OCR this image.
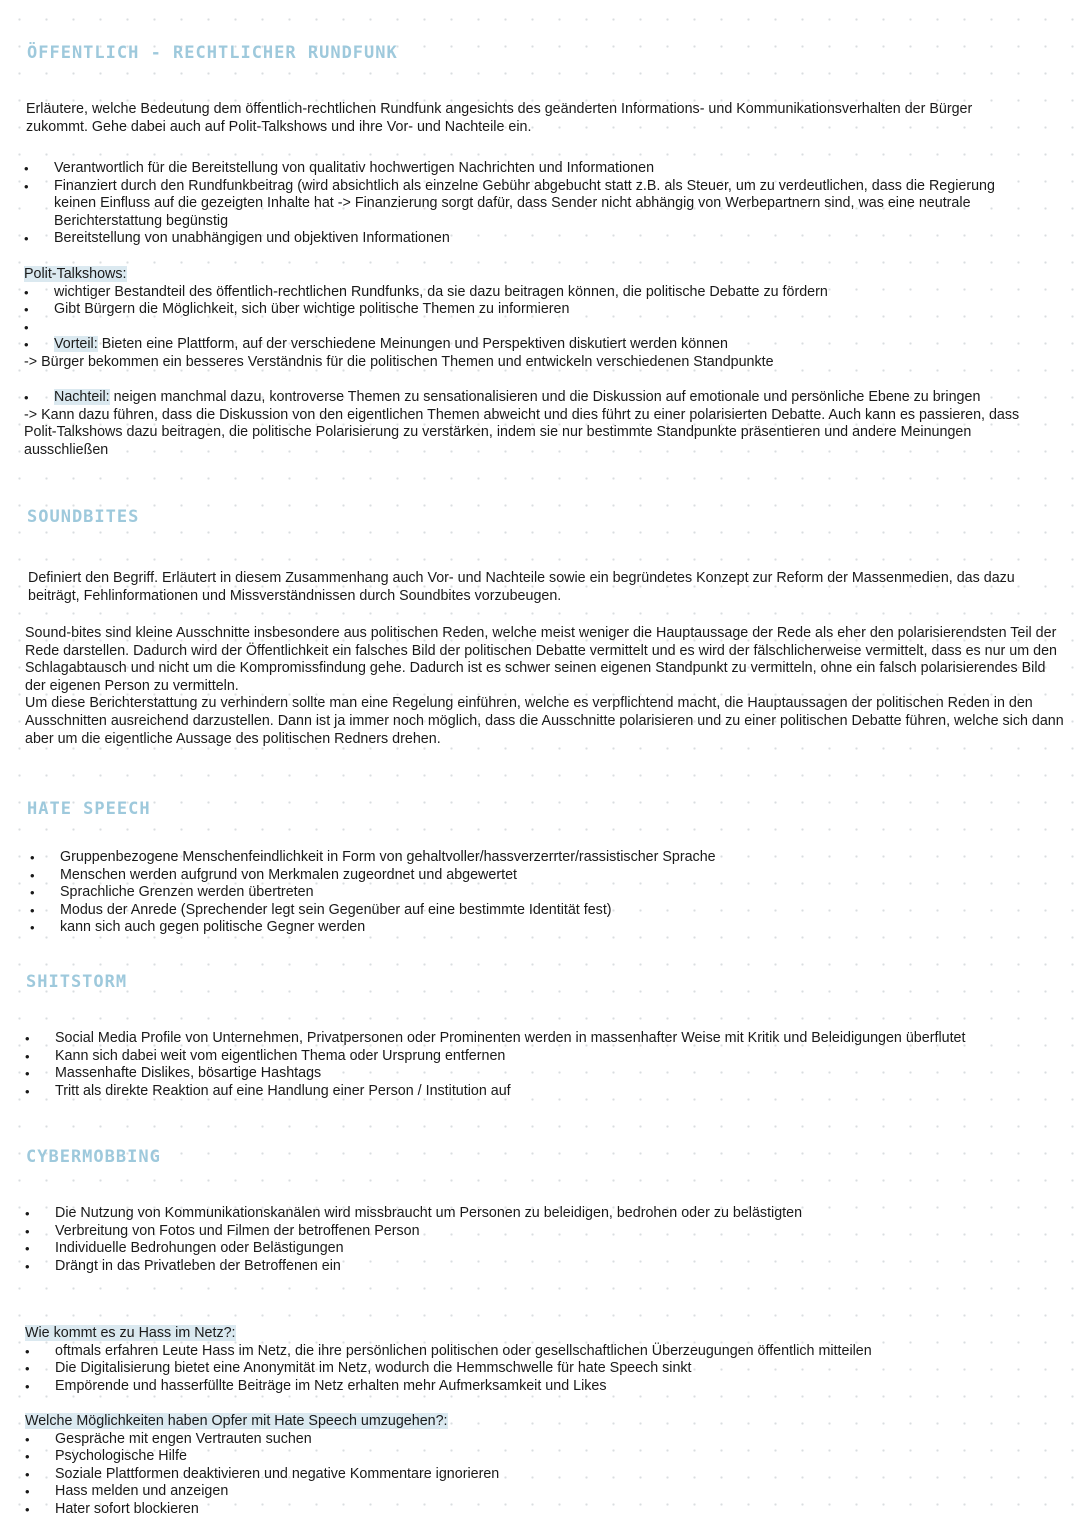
ÖFFENTLICH - RECHTLICHER RUNDFUNK

Erläutere, welche Bedeutung dem öffentlich-rechtlichen Rundfunk angesichts des geänderten Informations- und Kommunikationsverhalten der Bürger zukommt. Gehe dabei auch auf Polit-Talkshows und ihre Vor- und Nachteile ein.

• Verantwortlich für die Bereitstellung von qualitativ hochwertigen Nachrichten und Informationen
• Finanziert durch den Rundfunkbeitrag (wird absichtlich als einzelne Gebühr abgebucht statt z.B. als Steuer, um zu verdeutlichen, dass die Regierung keinen Einfluss auf die gezeigten Inhalte hat -> Finanzierung sorgt dafür, dass Sender nicht abhängig von Werbepartnern sind, was eine neutrale Berichterstattung begünstig
• Bereitstellung von unabhängigen und objektiven Informationen

Polit-Talkshows:

• wichtiger Bestandteil des öffentlich-rechtlichen Rundfunks, da sie dazu beitragen können, die politische Debatte zu fördern
• Gibt Bürgern die Möglichkeit, sich über wichtige politische Themen zu informieren
•
• Vorteil: Bieten eine Plattform, auf der verschiedene Meinungen und Perspektiven diskutiert werden können

-> Bürger bekommen ein besseres Verständnis für die politischen Themen und entwickeln verschiedenen Standpunkte

• Nachteil: neigen manchmal dazu, kontroverse Themen zu sensationalisieren und die Diskussion auf emotionale und persönliche Ebene zu bringen

-> Kann dazu führen, dass die Diskussion von den eigentlichen Themen abweicht und dies führt zu einer polarisierten Debatte. Auch kann es passieren, dass Polit-Talkshows dazu beitragen, die politische Polarisierung zu verstärken, indem sie nur bestimmte Standpunkte präsentieren und andere Meinungen ausschließen

SOUNDBITES

Definiert den Begriff. Erläutert in diesem Zusammenhang auch Vor- und Nachteile sowie ein begründetes Konzept zur Reform der Massenmedien, das dazu beiträgt, Fehlinformationen und Missverständnissen durch Soundbites vorzubeugen.

Sound-bites sind kleine Ausschnitte insbesondere aus politischen Reden, welche meist weniger die Hauptaussage der Rede als eher den polarisierendsten Teil der Rede darstellen. Dadurch wird der Öffentlichkeit ein falsches Bild der politischen Debatte vermittelt und es wird der fälschlicherweise vermittelt, dass es nur um den Schlagabtausch und nicht um die Kompromissfindung gehe. Dadurch ist es schwer seinen eigenen Standpunkt zu vermitteln, ohne ein falsch polarisierendes Bild der eigenen Person zu vermitteln.

Um diese Berichterstattung zu verhindern sollte man eine Regelung einführen, welche es verpflichtend macht, die Hauptaussagen der politischen Reden in den Ausschnitten ausreichend darzustellen. Dann ist ja immer noch möglich, dass die Ausschnitte polarisieren und zu einer politischen Debatte führen, welche sich dann aber um die eigentliche Aussage des politischen Redners drehen.

HATE SPEECH
• Gruppenbezogene Menschenfeindlichkeit in Form von gehaltvoller/hassverzerrter/rassistischer Sprache
• Menschen werden aufgrund von Merkmalen zugeordnet und abgewertet
• Sprachliche Grenzen werden übertreten
• Modus der Anrede (Sprechender legt sein Gegenüber auf eine bestimmte Identität fest)
• kann sich auch gegen politische Gegner werden
SHITSTORM
• Social Media Profile von Unternehmen, Privatpersonen oder Prominenten werden in massenhafter Weise mit Kritik und Beleidigungen überflutet
• Kann sich dabei weit vom eigentlichen Thema oder Ursprung entfernen
• Massenhafte Dislikes, bösartige Hashtags
• Tritt als direkte Reaktion auf eine Handlung einer Person / Institution auf
CYBERMOBBING
• Die Nutzung von Kommunikationskanälen wird missbraucht um Personen zu beleidigen, bedrohen oder zu belästigten
• Verbreitung von Fotos und Filmen der betroffenen Person
• Individuelle Bedrohungen oder Belästigungen
• Drängt in das Privatleben der Betroffenen ein

Wie kommt es zu Hass im Netz?:

• oftmals erfahren Leute Hass im Netz, die ihre persönlichen politischen oder gesellschaftlichen Überzeugungen öffentlich mitteilen
• Die Digitalisierung bietet eine Anonymität im Netz, wodurch die Hemmschwelle für hate Speech sinkt
• Empörende und hasserfüllte Beiträge im Netz erhalten mehr Aufmerksamkeit und Likes

Welche Möglichkeiten haben Opfer mit Hate Speech umzugehen?:

• Gespräche mit engen Vertrauten suchen
• Psychologische Hilfe
• Soziale Plattformen deaktivieren und negative Kommentare ignorieren
• Hass melden und anzeigen
• Hater sofort blockieren
